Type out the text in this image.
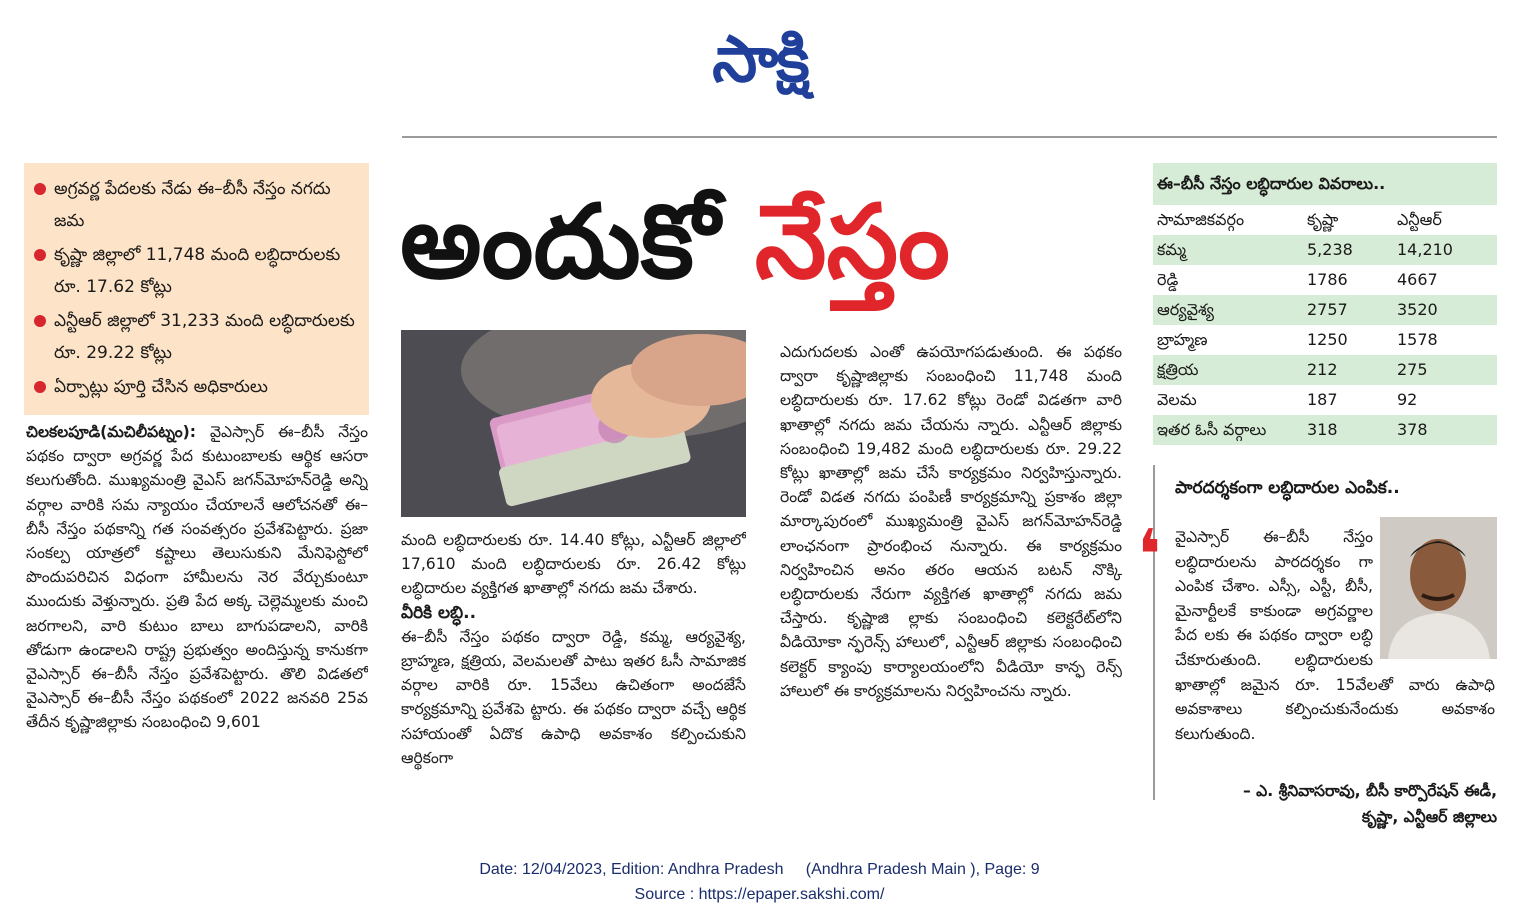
సాక్షి
అగ్రవర్ణ పేదలకు నేడు ఈ–బీసీ నేస్తం నగదు జమ
కృష్ణా జిల్లాలో 11,748 మంది లబ్ధిదారులకు రూ. 17.62 కోట్లు
ఎన్టీఆర్‌ జిల్లాలో 31,233 మంది లబ్ధిదారులకు రూ. 29.22 కోట్లు
ఏర్పాట్లు పూర్తి చేసిన అధికారులు
అందుకో నేస్తం
చిలకలపూడి(మచిలీపట్నం): వైఎస్సార్‌ ఈ–బీసీ నేస్తం పథకం ద్వారా అగ్రవర్ణ పేద కుటుంబాలకు ఆర్థిక ఆసరా కలుగుతోంది. ముఖ్యమంత్రి వైఎస్‌ జగన్‌మోహన్‌రెడ్డి అన్ని వర్గాల వారికి సమ న్యాయం చేయాలనే ఆలోచనతో ఈ–బీసీ నేస్తం పథకాన్ని గత సంవత్సరం ప్రవేశపెట్టారు. ప్రజా సంకల్ప యాత్రలో కష్టాలు తెలుసుకుని మేనిఫెస్టోలో పొందుపరిచిన విధంగా హామీలను నెర వేర్చుకుంటూ ముందుకు వెళ్తున్నారు. ప్రతి పేద అక్క చెల్లెమ్మలకు మంచి జరగాలని, వారి కుటుం బాలు బాగుపడాలని, వారికి తోడుగా ఉండాలని రాష్ట్ర ప్రభుత్వం అందిస్తున్న కానుకగా వైఎస్సార్‌ ఈ–బీసీ నేస్తం ప్రవేశపెట్టారు. తొలి విడతలో వైఎస్సార్‌ ఈ–బీసీ నేస్తం పథకంలో 2022 జనవరి 25వ తేదీన కృష్ణాజిల్లాకు సంబంధించి 9,601
మంది లబ్ధిదారులకు రూ. 14.40 కోట్లు, ఎన్టీఆర్‌ జిల్లాలో 17,610 మంది లబ్ధిదారులకు రూ. 26.42 కోట్లు లబ్ధిదారుల వ్యక్తిగత ఖాతాల్లో నగదు జమ చేశారు.
వీరికి లబ్ధి..
ఈ–బీసీ నేస్తం పథకం ద్వారా రెడ్డి, కమ్మ, ఆర్యవైశ్య, బ్రాహ్మణ, క్షత్రియ, వెలమలతో పాటు ఇతర ఓసీ సామాజిక వర్గాల వారికి రూ. 15వేలు ఉచితంగా అందజేసే కార్యక్రమాన్ని ప్రవేశపె ట్టారు. ఈ పథకం ద్వారా వచ్చే ఆర్థిక సహాయంతో ఏదొక ఉపాధి అవకాశం కల్పించుకుని ఆర్థికంగా
ఎదుగుదలకు ఎంతో ఉపయోగపడుతుంది. ఈ పథకం ద్వారా కృష్ణాజిల్లాకు సంబంధించి 11,748 మంది లబ్ధిదారులకు రూ. 17.62 కోట్లు రెండో విడతగా వారి ఖాతాల్లో నగదు జమ చేయను న్నారు. ఎన్టీఆర్‌ జిల్లాకు సంబంధించి 19,482 మంది లబ్ధిదారులకు రూ. 29.22 కోట్లు ఖాతాల్లో జమ చేసే కార్యక్రమం నిర్వహిస్తున్నారు. రెండో విడత నగదు పంపిణీ కార్యక్రమాన్ని ప్రకాశం జిల్లా మార్కాపురంలో ముఖ్యమంత్రి వైఎస్‌ జగన్‌మోహన్‌రెడ్డి లాంఛనంగా ప్రారంభించ నున్నారు. ఈ కార్యక్రమం నిర్వహించిన అనం తరం ఆయన బటన్‌ నొక్కి లబ్ధిదారులకు నేరుగా వ్యక్తిగత ఖాతాల్లో నగదు జమ చేస్తారు. కృష్ణాజి ల్లాకు సంబంధించి కలెక్టరేట్‌లోని వీడియోకా న్ఫరెన్స్‌ హాలులో, ఎన్టీఆర్‌ జిల్లాకు సంబంధించి కలెక్టర్‌ క్యాంపు కార్యాలయంలోని వీడియో కాన్ఫ రెన్స్‌ హాలులో ఈ కార్యక్రమాలను నిర్వహించను న్నారు.
ఈ–బీసీ నేస్తం లబ్ధిదారుల వివరాలు..
సామాజికవర్గం	కృష్ణా	ఎన్టీఆర్‌
కమ్మ	5,238	14,210
రెడ్డి	1786	4667
ఆర్యవైశ్య	2757	3520
బ్రాహ్మణ	1250	1578
క్షత్రియ	212	275
వెలమ	187	92
ఇతర ఓసీ వర్గాలు	318	378
పారదర్శకంగా లబ్ధిదారుల ఎంపిక..
❛ వైఎస్సార్‌ ఈ–బీసీ నేస్తం లబ్ధిదారులను పారదర్శకం గా ఎంపిక చేశాం. ఎస్సీ, ఎస్టీ, బీసీ, మైనార్టీలకే కాకుండా అగ్రవర్ణాల పేద లకు ఈ పథకం ద్వారా లబ్ధి చేకూరుతుంది. లబ్ధిదారులకు ఖాతాల్లో జమైన రూ. 15వేలతో వారు ఉపాధి అవకాశాలు కల్పించుకునేందుకు అవకాశం కలుగుతుంది.
– ఎ. శ్రీనివాసరావు, బీసీ కార్పొరేషన్‌ ఈడీ,
కృష్ణా, ఎన్టీఆర్‌ జిల్లాలు
Date: 12/04/2023, Edition: Andhra Pradesh     (Andhra Pradesh Main ), Page: 9
Source : https://epaper.sakshi.com/
